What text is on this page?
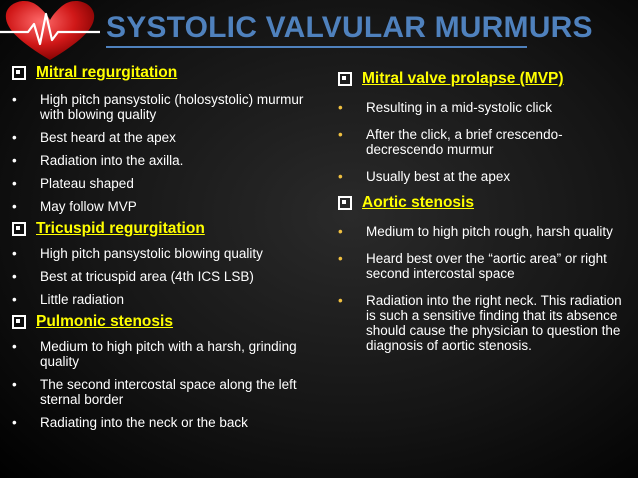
SYSTOLIC VALVULAR MURMURS
Mitral regurgitation
•	High pitch pansystolic (holosystolic) murmur with blowing quality
•	Best heard at the apex
•	Radiation into the axilla.
•	Plateau shaped
•	May follow MVP
Tricuspid regurgitation
•	High pitch pansystolic blowing quality
•	Best at tricuspid area (4th ICS LSB)
•	Little radiation
Pulmonic stenosis
•	Medium to high pitch with a harsh, grinding quality
•	The second intercostal space along the left sternal border
•	Radiating into the neck or the back
Mitral valve prolapse (MVP)
•	Resulting in a mid-systolic click
•	After the click, a brief crescendo-decrescendo murmur
•	Usually best at the apex
Aortic stenosis
•	Medium to high pitch rough, harsh quality
•	Heard best over the “aortic area” or right second intercostal space
•	Radiation into the right neck. This radiation is such a sensitive finding that its absence should cause the physician to question the diagnosis of aortic stenosis.
